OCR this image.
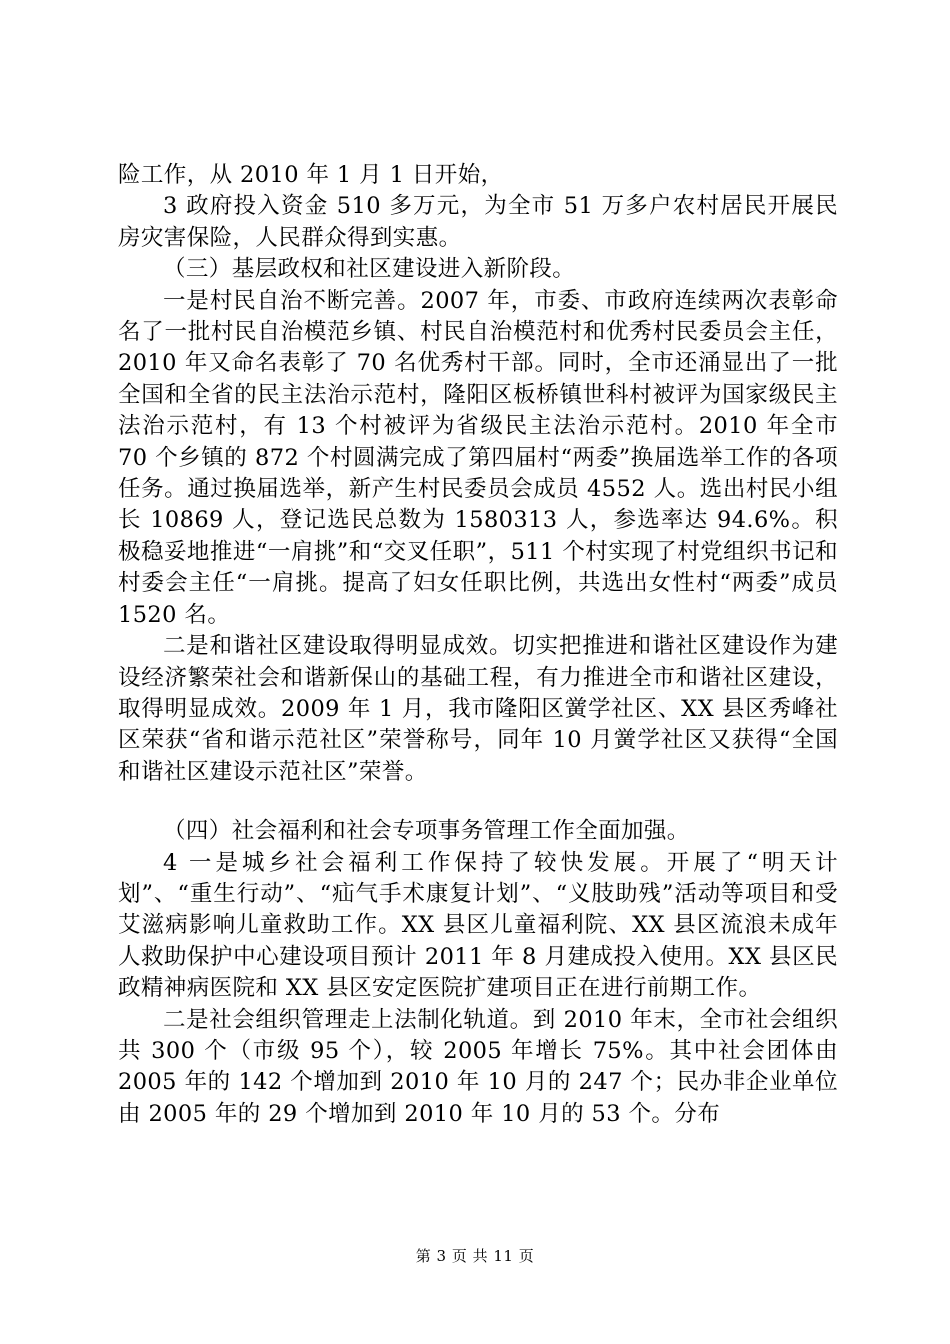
险工作，从 2010 年 1 月 1 日开始，

3 政府投入资金 510 多万元，为全市 51 万多户农村居民开展民房灾害保险，人民群众得到实惠。

（三）基层政权和社区建设进入新阶段。

一是村民自治不断完善。2007 年，市委、市政府连续两次表彰命名了一批村民自治模范乡镇、村民自治模范村和优秀村民委员会主任，2010 年又命名表彰了 70 名优秀村干部。同时，全市还涌显出了一批全国和全省的民主法治示范村，隆阳区板桥镇世科村被评为国家级民主法治示范村，有 13 个村被评为省级民主法治示范村。2010 年全市 70 个乡镇的 872 个村圆满完成了第四届村“两委”换届选举工作的各项任务。通过换届选举，新产生村民委员会成员 4552 人。选出村民小组长 10869 人，登记选民总数为 1580313 人，参选率达 94.6%。积极稳妥地推进“一肩挑”和“交叉任职”，511 个村实现了村党组织书记和村委会主任“一肩挑。提高了妇女任职比例，共选出女性村“两委”成员 1520 名。

二是和谐社区建设取得明显成效。切实把推进和谐社区建设作为建设经济繁荣社会和谐新保山的基础工程，有力推进全市和谐社区建设，取得明显成效。2009 年 1 月，我市隆阳区黉学社区、XX 县区秀峰社区荣获“省和谐示范社区”荣誉称号，同年 10 月黉学社区又获得“全国和谐社区建设示范社区”荣誉。

（四）社会福利和社会专项事务管理工作全面加强。

4 一是城乡社会福利工作保持了较快发展。开展了“明天计划”、“重生行动”、“疝气手术康复计划”、“义肢助残”活动等项目和受艾滋病影响儿童救助工作。XX 县区儿童福利院、XX 县区流浪未成年人救助保护中心建设项目预计 2011 年 8 月建成投入使用。XX 县区民政精神病医院和 XX 县区安定医院扩建项目正在进行前期工作。

二是社会组织管理走上法制化轨道。到 2010 年末，全市社会组织共 300 个（市级 95 个），较 2005 年增长 75%。其中社会团体由 2005 年的 142 个增加到 2010 年 10 月的 247 个；民办非企业单位由 2005 年的 29 个增加到 2010 年 10 月的 53 个。分布

第 3 页 共 11 页
